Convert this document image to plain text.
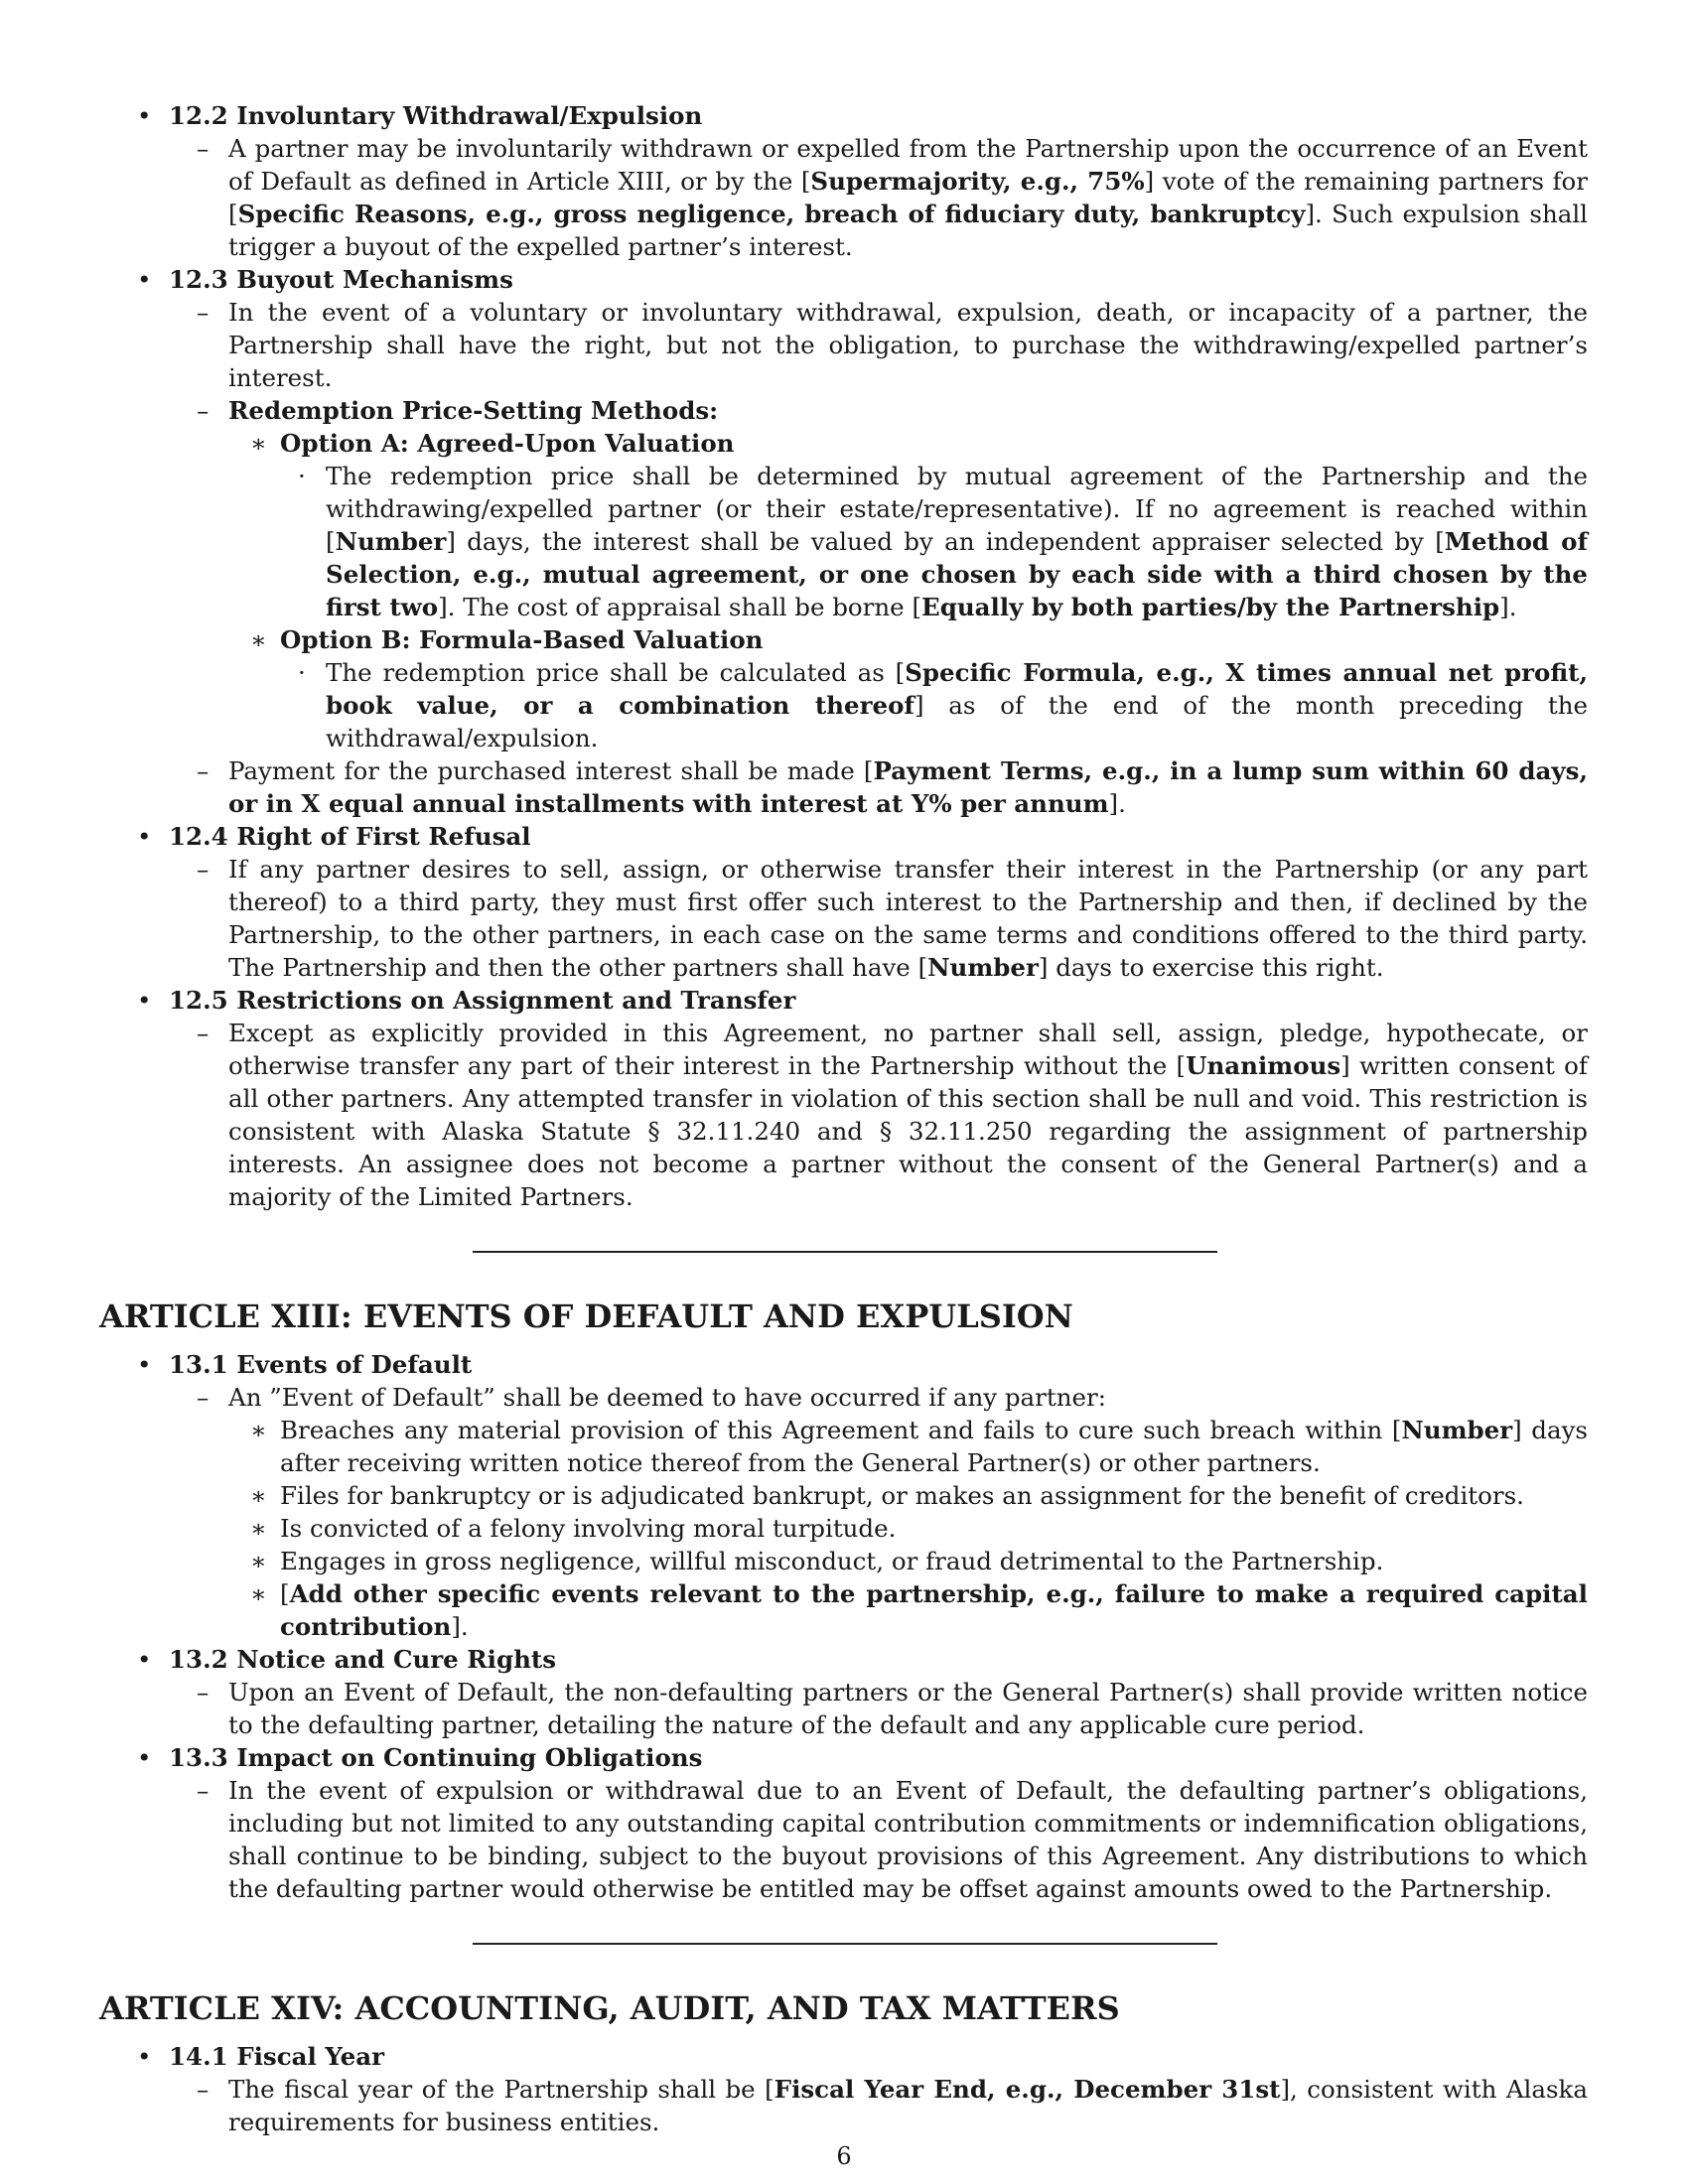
• 12.2 Involuntary Withdrawal/Expulsion
– A partner may be involuntarily withdrawn or expelled from the Partnership upon the occurrence of an Event of Default as defined in Article XIII, or by the [Supermajority, e.g., 75%] vote of the remaining partners for [Specific Reasons, e.g., gross negligence, breach of fiduciary duty, bankruptcy]. Such expulsion shall trigger a buyout of the expelled partner’s interest.

• 12.3 Buyout Mechanisms
– In the event of a voluntary or involuntary withdrawal, expulsion, death, or incapacity of a partner, the Partnership shall have the right, but not the obligation, to purchase the withdrawing/expelled partner’s interest.

– Redemption Price-Setting Methods:
∗ Option A: Agreed-Upon Valuation
· The redemption price shall be determined by mutual agreement of the Partnership and the withdrawing/expelled partner (or their estate/representative). If no agreement is reached within [Number] days, the interest shall be valued by an independent appraiser selected by [Method of Selection, e.g., mutual agreement, or one chosen by each side with a third chosen by the first two]. The cost of appraisal shall be borne [Equally by both parties/by the Partnership].

∗ Option B: Formula-Based Valuation
· The redemption price shall be calculated as [Specific Formula, e.g., X times annual net profit, book value, or a combination thereof] as of the end of the month preceding the withdrawal/expulsion.

– Payment for the purchased interest shall be made [Payment Terms, e.g., in a lump sum within 60 days, or in X equal annual installments with interest at Y% per annum].

• 12.4 Right of First Refusal
– If any partner desires to sell, assign, or otherwise transfer their interest in the Partnership (or any part thereof) to a third party, they must first offer such interest to the Partnership and then, if declined by the Partnership, to the other partners, in each case on the same terms and conditions offered to the third party. The Partnership and then the other partners shall have [Number] days to exercise this right.

• 12.5 Restrictions on Assignment and Transfer
– Except as explicitly provided in this Agreement, no partner shall sell, assign, pledge, hypothecate, or otherwise transfer any part of their interest in the Partnership without the [Unanimous] written consent of all other partners. Any attempted transfer in violation of this section shall be null and void. This restriction is consistent with Alaska Statute § 32.11.240 and § 32.11.250 regarding the assignment of partnership interests. An assignee does not become a partner without the consent of the General Partner(s) and a majority of the Limited Partners.

ARTICLE XIII: EVENTS OF DEFAULT AND EXPULSION
• 13.1 Events of Default
– An ”Event of Default” shall be deemed to have occurred if any partner:

∗ Breaches any material provision of this Agreement and fails to cure such breach within [Number] days after receiving written notice thereof from the General Partner(s) or other partners.

∗ Files for bankruptcy or is adjudicated bankrupt, or makes an assignment for the benefit of creditors.

∗ Is convicted of a felony involving moral turpitude.

∗ Engages in gross negligence, willful misconduct, or fraud detrimental to the Partnership.

∗ [Add other specific events relevant to the partnership, e.g., failure to make a required capital contribution].

• 13.2 Notice and Cure Rights
– Upon an Event of Default, the non-defaulting partners or the General Partner(s) shall provide written notice to the defaulting partner, detailing the nature of the default and any applicable cure period.

• 13.3 Impact on Continuing Obligations
– In the event of expulsion or withdrawal due to an Event of Default, the defaulting partner’s obligations, including but not limited to any outstanding capital contribution commitments or indemnification obligations, shall continue to be binding, subject to the buyout provisions of this Agreement. Any distributions to which the defaulting partner would otherwise be entitled may be offset against amounts owed to the Partnership.

ARTICLE XIV: ACCOUNTING, AUDIT, AND TAX MATTERS
• 14.1 Fiscal Year
– The fiscal year of the Partnership shall be [Fiscal Year End, e.g., December 31st], consistent with Alaska requirements for business entities.

6
